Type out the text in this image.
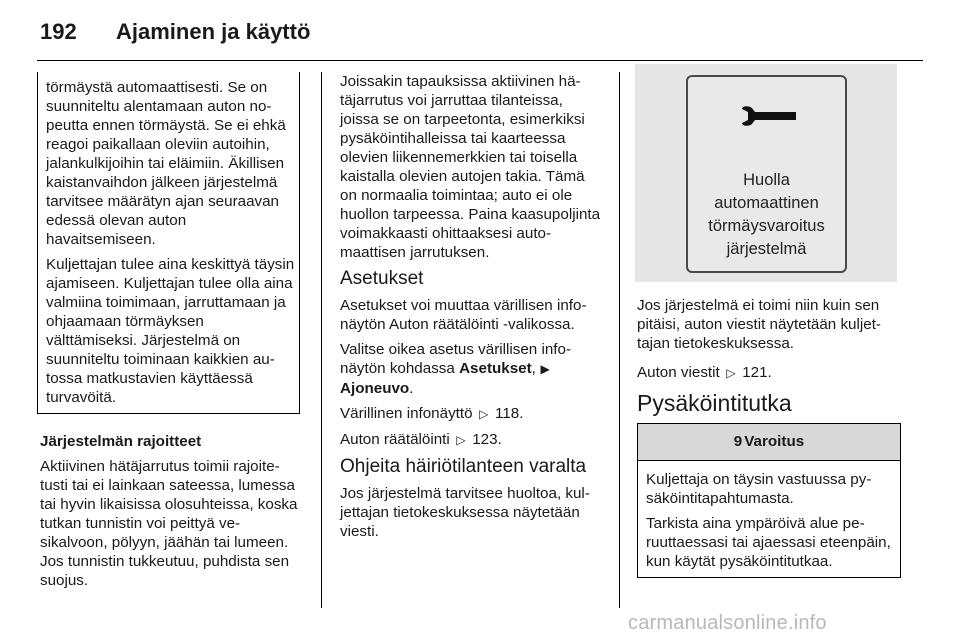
192	Ajaminen ja käyttö

törmäystä automaattisesti. Se on suunniteltu alentamaan auton nopeutta ennen törmäystä. Se ei ehkä reagoi paikallaan oleviin autoihin, jalankulkijoihin tai eläimiin. Äkillisen kaistanvaihdon jälkeen järjestelmä tarvitsee määrätyn ajan seuraavan edessä olevan auton havaitsemiseen.

Kuljettajan tulee aina keskittyä täysin ajamiseen. Kuljettajan tulee olla aina valmiina toimimaan, jarruttamaan ja ohjaamaan törmäyksen välttämiseksi. Järjestelmä on suunniteltu toiminaan kaikkien autossa matkustavien käyttäessä turvavöitä.

Järjestelmän rajoitteet

Aktiivinen hätäjarrutus toimii rajoitetusti tai ei lainkaan sateessa, lumessa tai hyvin likaisissa olosuhteissa, koska tutkan tunnistin voi peittyä vesikalvoon, pölyyn, jäähän tai lumeen. Jos tunnistin tukkeutuu, puhdista sen suojus.

Joissakin tapauksissa aktiivinen hätäjarrutus voi jarruttaa tilanteissa, joissa se on tarpeetonta, esimerkiksi pysäköintihalleissa tai kaarteessa olevien liikennemerkkien tai toisella kaistalla olevien autojen takia. Tämä on normaalia toimintaa; auto ei ole huollon tarpeessa. Paina kaasupoljinta voimakkaasti ohittaaksesi automaattisen jarrutuksen.

Asetukset

Asetukset voi muuttaa värillisen infonäytön Auton räätälöinti -valikossa.

Valitse oikea asetus värillisen infonäytön kohdassa Asetukset, ▶
Ajoneuvo.

Värillinen infonäyttö ▷ 118.

Auton räätälöinti ▷ 123.

Ohjeita häiriötilanteen varalta

Jos järjestelmä tarvitsee huoltoa, kuljettajan tietokeskuksessa näytetään viesti.

Huolla
automaattinen
törmäysvaroitus
järjestelmä

Jos järjestelmä ei toimi niin kuin sen pitäisi, auton viestit näytetään kuljettajan tietokeskuksessa.

Auton viestit ▷ 121.

Pysäköintitutka

9 Varoitus

Kuljettaja on täysin vastuussa pysäköintitapahtumasta.

Tarkista aina ympäröivä alue peruuttaessasi tai ajaessasi eteenpäin, kun käytät pysäköintitutkaa.

carmanualsonline.info
